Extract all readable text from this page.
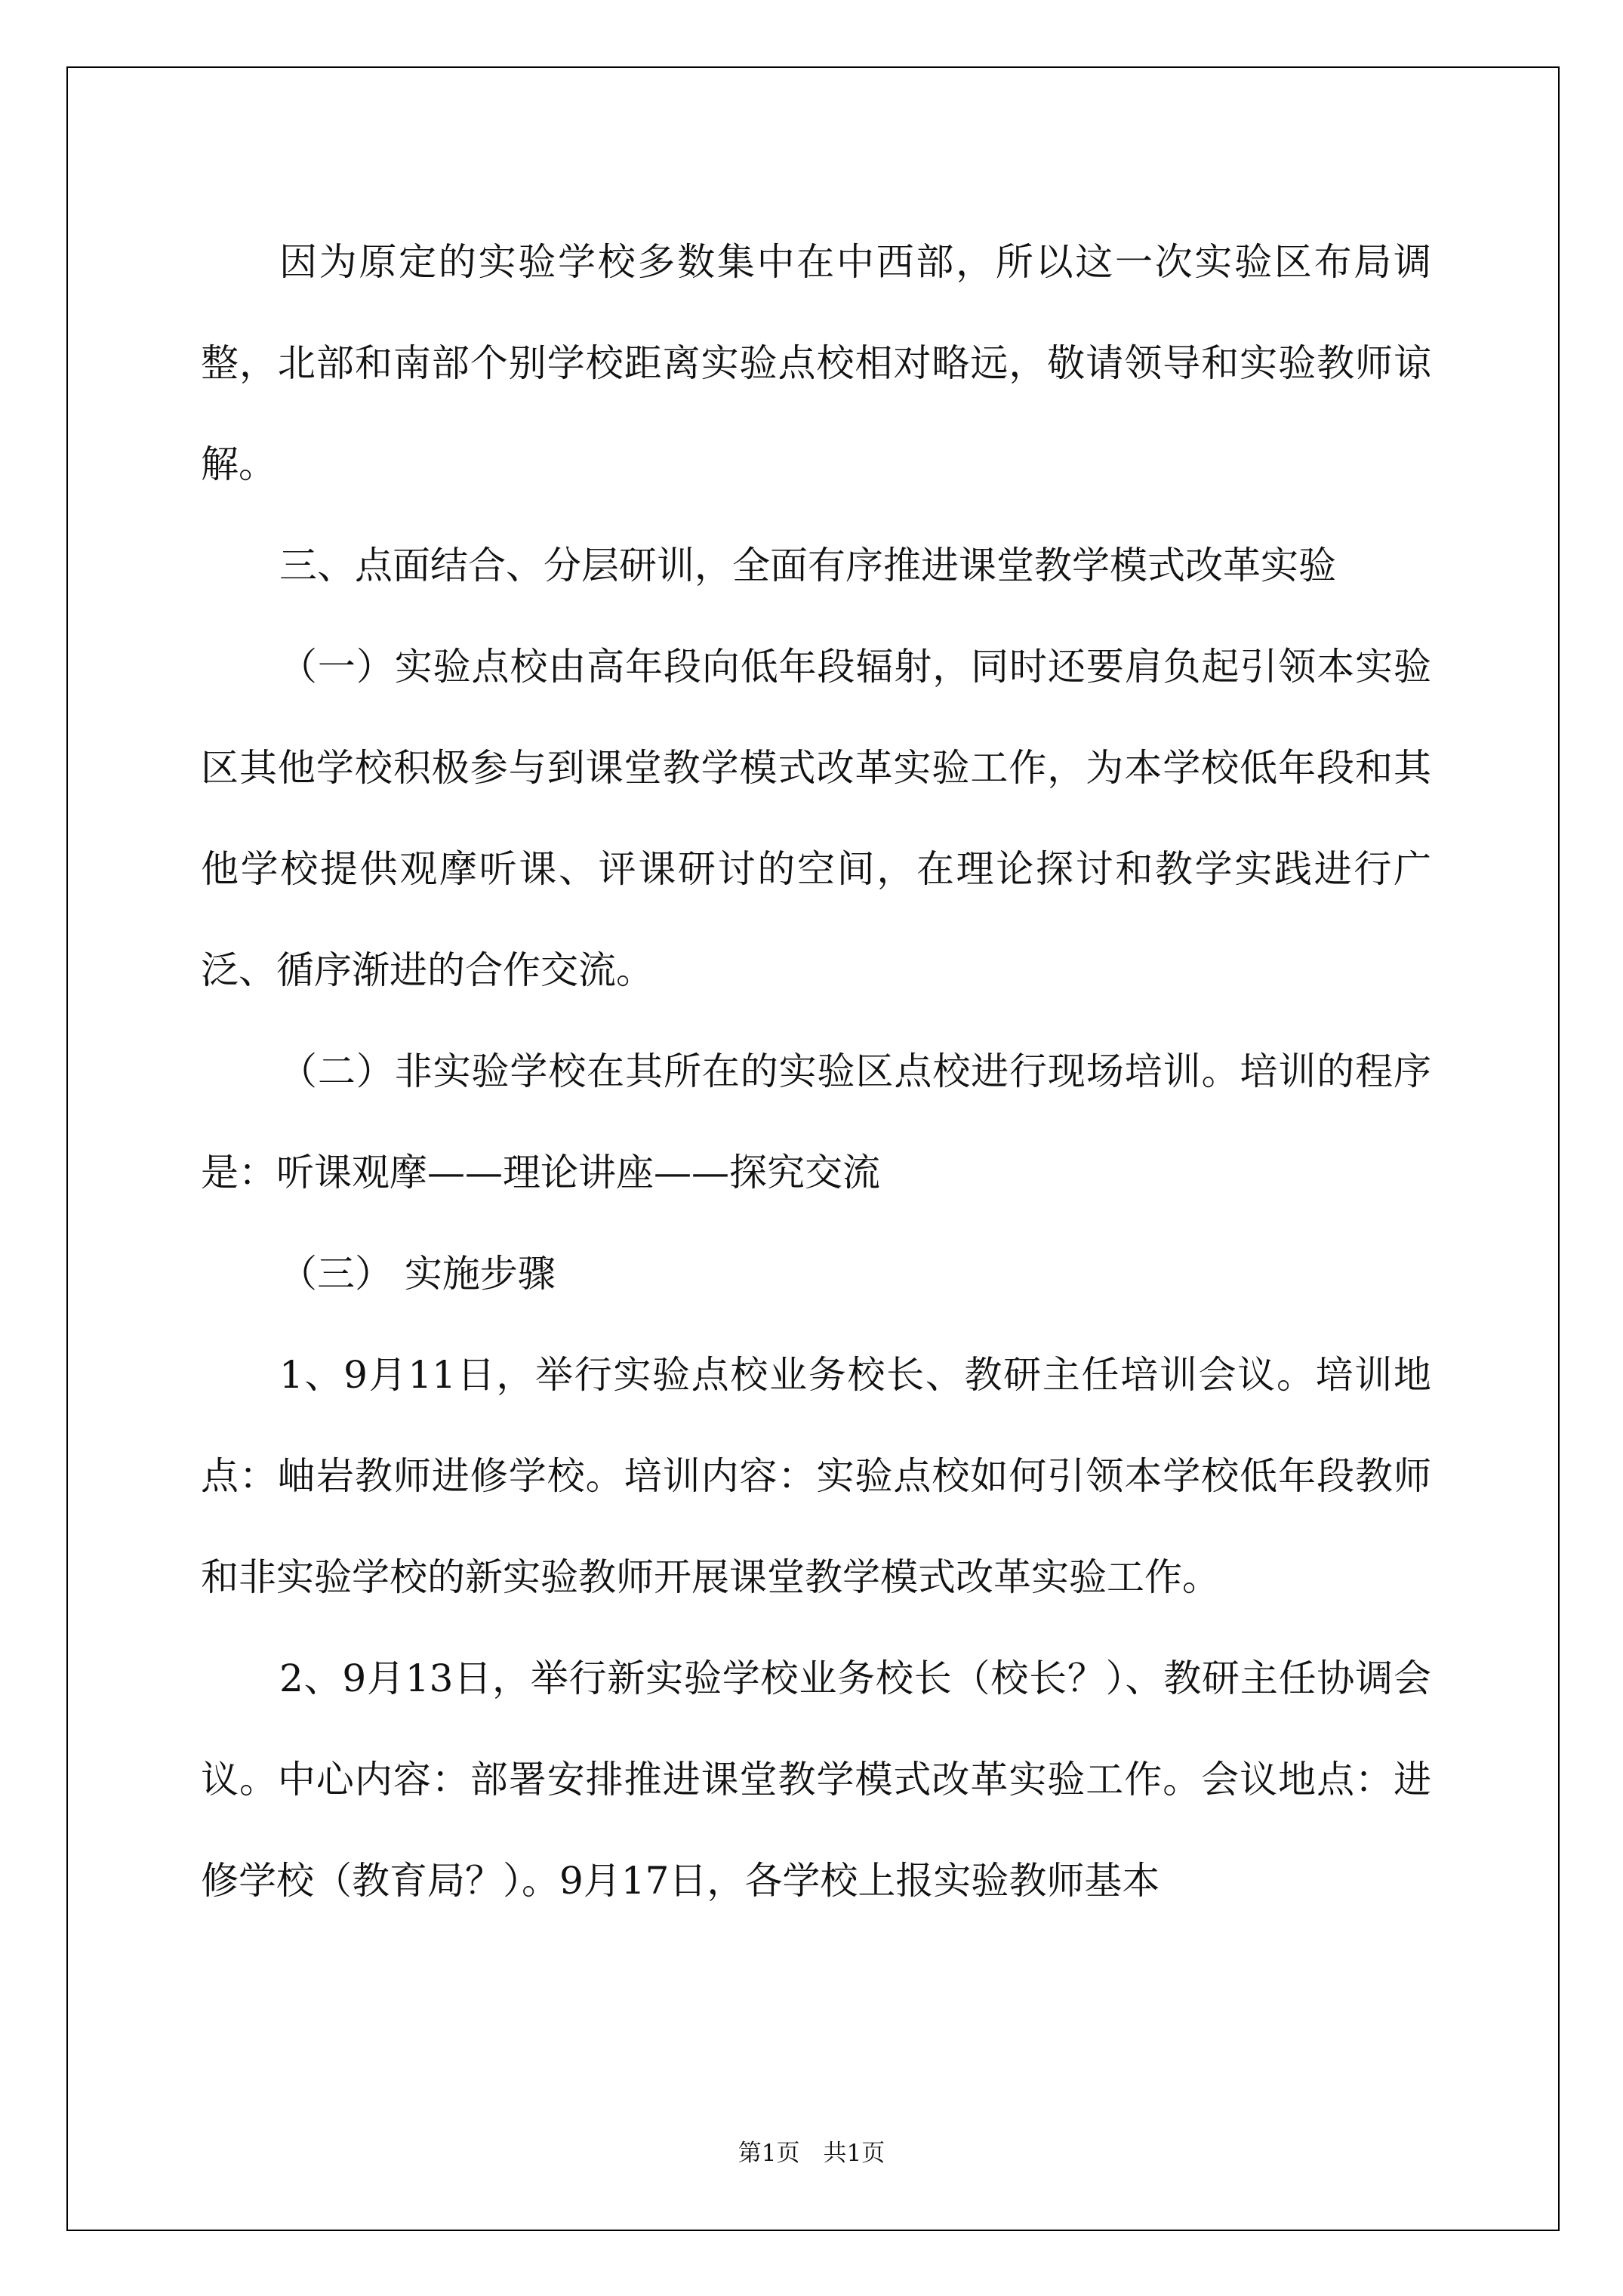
因为原定的实验学校多数集中在中西部，所以这一次实验区布局调整，北部和南部个别学校距离实验点校相对略远，敬请领导和实验教师谅解。

三、点面结合、分层研训，全面有序推进课堂教学模式改革实验

（一）实验点校由高年段向低年段辐射，同时还要肩负起引领本实验区其他学校积极参与到课堂教学模式改革实验工作，为本学校低年段和其他学校提供观摩听课、评课研讨的空间，在理论探讨和教学实践进行广泛、循序渐进的合作交流。

（二）非实验学校在其所在的实验区点校进行现场培训。培训的程序是：听课观摩——理论讲座——探究交流

（三） 实施步骤

1、9月11日，举行实验点校业务校长、教研主任培训会议。培训地点：岫岩教师进修学校。培训内容：实验点校如何引领本学校低年段教师和非实验学校的新实验教师开展课堂教学模式改革实验工作。

2、9月13日，举行新实验学校业务校长（校长？）、教研主任协调会议。中心内容：部署安排推进课堂教学模式改革实验工作。会议地点：进修学校（教育局？）。9月17日，各学校上报实验教师基本

第1页　共1页
